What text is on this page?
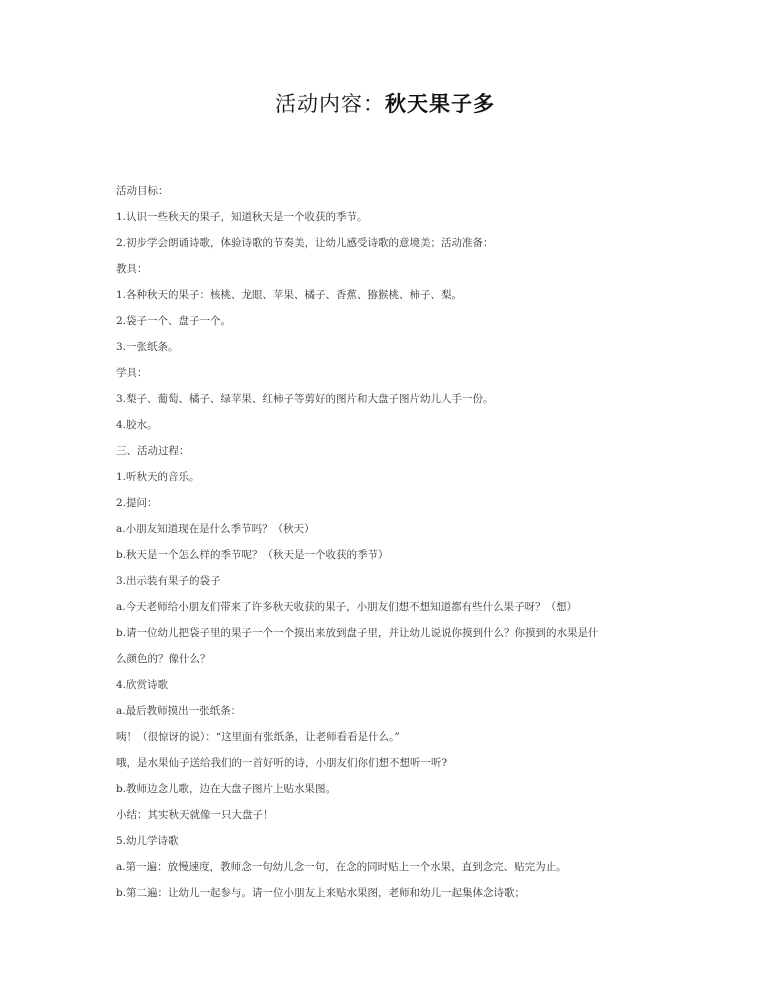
活动内容：秋天果子多
活动目标：
1.认识一些秋天的果子，知道秋天是一个收获的季节。
2.初步学会朗诵诗歌，体验诗歌的节奏美，让幼儿感受诗歌的意境美；活动准备：
教具：
1.各种秋天的果子：核桃、龙眼、苹果、橘子、香蕉、猕猴桃、柿子、梨。
2.袋子一个、盘子一个。
3.一张纸条。
学具：
3.梨子、葡萄、橘子、绿苹果、红柿子等剪好的图片和大盘子图片幼儿人手一份。
4.胶水。
三、活动过程：
1.听秋天的音乐。
2.提问：
a.小朋友知道现在是什么季节吗？（秋天）
b.秋天是一个怎么样的季节呢？（秋天是一个收获的季节）
3.出示装有果子的袋子
a.今天老师给小朋友们带来了许多秋天收获的果子，小朋友们想不想知道都有些什么果子呀？（想）
b.请一位幼儿把袋子里的果子一个一个摸出来放到盘子里，并让幼儿说说你摸到什么？你摸到的水果是什
么颜色的？像什么？
4.欣赏诗歌
a.最后教师摸出一张纸条：
咦！（很惊讶的说）：“这里面有张纸条，让老师看看是什么。”
哦，是水果仙子送给我们的一首好听的诗，小朋友们你们想不想听一听?
b.教师边念儿歌，边在大盘子图片上贴水果图。
小结：其实秋天就像一只大盘子！
5.幼儿学诗歌
a.第一遍：放慢速度，教师念一句幼儿念一句，在念的同时贴上一个水果，直到念完、贴完为止。
b.第二遍：让幼儿一起参与。请一位小朋友上来贴水果图，老师和幼儿一起集体念诗歌；
